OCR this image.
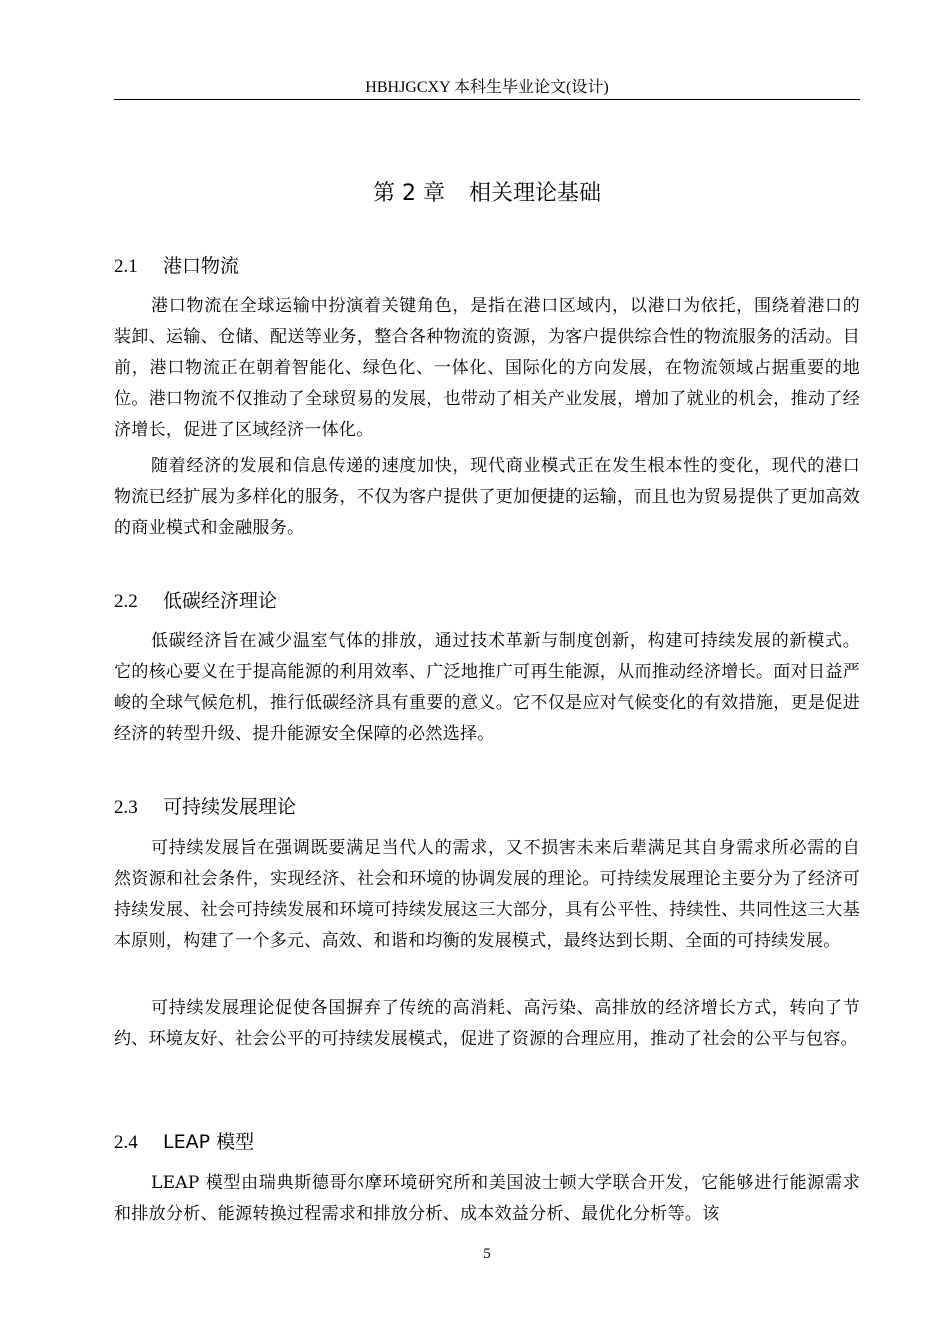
HBHJGCXY 本科生毕业论文(设计)
第 2 章 相关理论基础
2.1 港口物流

港口物流在全球运输中扮演着关键角色，是指在港口区域内，以港口为依托，围绕着港口的装卸、运输、仓储、配送等业务，整合各种物流的资源，为客户提供综合性的物流服务的活动。目前，港口物流正在朝着智能化、绿色化、一体化、国际化的方向发展，在物流领域占据重要的地位。港口物流不仅推动了全球贸易的发展，也带动了相关产业发展，增加了就业的机会，推动了经济增长，促进了区域经济一体化。

随着经济的发展和信息传递的速度加快，现代商业模式正在发生根本性的变化，现代的港口物流已经扩展为多样化的服务，不仅为客户提供了更加便捷的运输，而且也为贸易提供了更加高效的商业模式和金融服务。

2.2 低碳经济理论

低碳经济旨在减少温室气体的排放，通过技术革新与制度创新，构建可持续发展的新模式。它的核心要义在于提高能源的利用效率、广泛地推广可再生能源，从而推动经济增长。面对日益严峻的全球气候危机，推行低碳经济具有重要的意义。它不仅是应对气候变化的有效措施，更是促进经济的转型升级、提升能源安全保障的必然选择。

2.3 可持续发展理论

可持续发展旨在强调既要满足当代人的需求，又不损害未来后辈满足其自身需求所必需的自然资源和社会条件，实现经济、社会和环境的协调发展的理论。可持续发展理论主要分为了经济可持续发展、社会可持续发展和环境可持续发展这三大部分，具有公平性、持续性、共同性这三大基本原则，构建了一个多元、高效、和谐和均衡的发展模式，最终达到长期、全面的可持续发展。

可持续发展理论促使各国摒弃了传统的高消耗、高污染、高排放的经济增长方式，转向了节约、环境友好、社会公平的可持续发展模式，促进了资源的合理应用，推动了社会的公平与包容。

2.4 LEAP 模型

LEAP 模型由瑞典斯德哥尔摩环境研究所和美国波士顿大学联合开发，它能够进行能源需求和排放分析、能源转换过程需求和排放分析、成本效益分析、最优化分析等。该

5
